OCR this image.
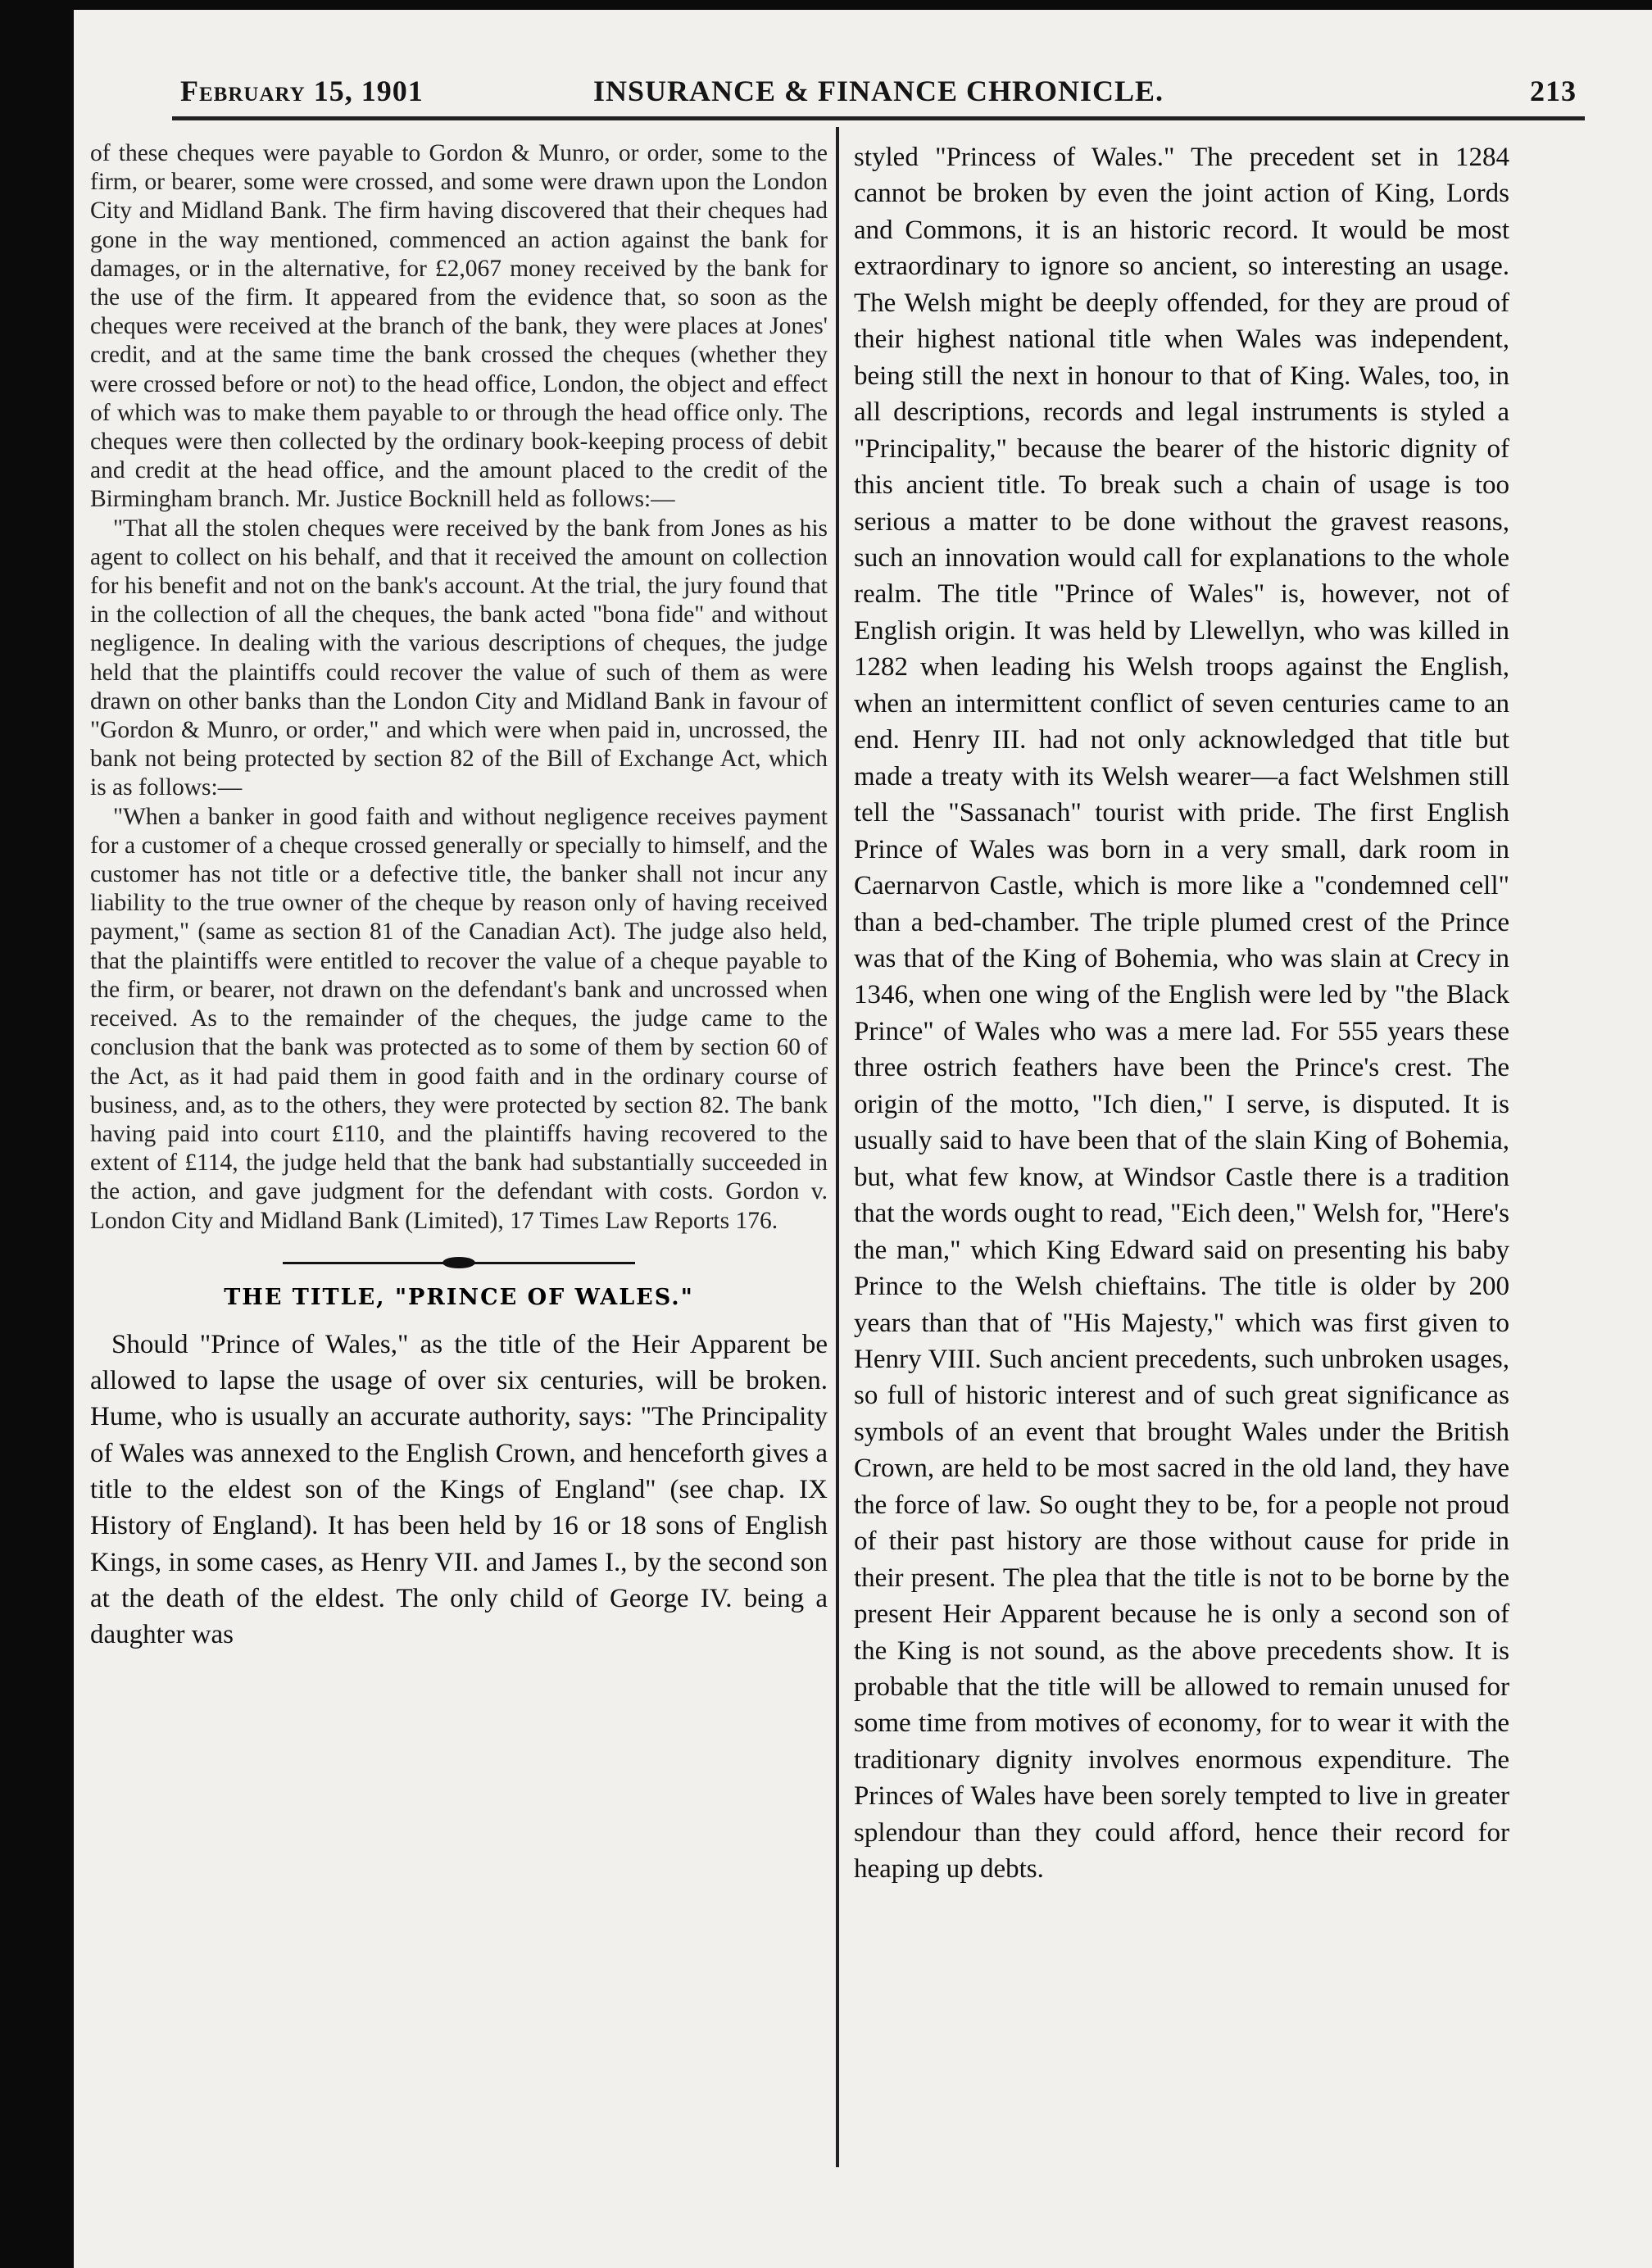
February 15, 1901	INSURANCE & FINANCE CHRONICLE.	213

of these cheques were payable to Gordon & Munro, or order, some to the firm, or bearer, some were crossed, and some were drawn upon the London City and Midland Bank. The firm having discovered that their cheques had gone in the way mentioned, commenced an action against the bank for damages, or in the alternative, for £2,067 money received by the bank for the use of the firm. It appeared from the evidence that, so soon as the cheques were received at the branch of the bank, they were places at Jones' credit, and at the same time the bank crossed the cheques (whether they were crossed before or not) to the head office, London, the object and effect of which was to make them payable to or through the head office only. The cheques were then collected by the ordinary book-keeping process of debit and credit at the head office, and the amount placed to the credit of the Birmingham branch. Mr. Justice Bocknill held as follows:—

"That all the stolen cheques were received by the bank from Jones as his agent to collect on his behalf, and that it received the amount on collection for his benefit and not on the bank's account. At the trial, the jury found that in the collection of all the cheques, the bank acted "bona fide" and without negligence. In dealing with the various descriptions of cheques, the judge held that the plaintiffs could recover the value of such of them as were drawn on other banks than the London City and Midland Bank in favour of "Gordon & Munro, or order," and which were when paid in, uncrossed, the bank not being protected by section 82 of the Bill of Exchange Act, which is as follows:—

"When a banker in good faith and without negligence receives payment for a customer of a cheque crossed generally or specially to himself, and the customer has not title or a defective title, the banker shall not incur any liability to the true owner of the cheque by reason only of having received payment," (same as section 81 of the Canadian Act). The judge also held, that the plaintiffs were entitled to recover the value of a cheque payable to the firm, or bearer, not drawn on the defendant's bank and uncrossed when received. As to the remainder of the cheques, the judge came to the conclusion that the bank was protected as to some of them by section 60 of the Act, as it had paid them in good faith and in the ordinary course of business, and, as to the others, they were protected by section 82. The bank having paid into court £110, and the plaintiffs having recovered to the extent of £114, the judge held that the bank had substantially succeeded in the action, and gave judgment for the defendant with costs. Gordon v. London City and Midland Bank (Limited), 17 Times Law Reports 176.

THE TITLE, "PRINCE OF WALES."

Should "Prince of Wales," as the title of the Heir Apparent be allowed to lapse the usage of over six centuries, will be broken. Hume, who is usually an accurate authority, says: "The Principality of Wales was annexed to the English Crown, and henceforth gives a title to the eldest son of the Kings of England" (see chap. IX History of England). It has been held by 16 or 18 sons of English Kings, in some cases, as Henry VII. and James I., by the second son at the death of the eldest. The only child of George IV. being a daughter was

styled "Princess of Wales." The precedent set in 1284 cannot be broken by even the joint action of King, Lords and Commons, it is an historic record. It would be most extraordinary to ignore so ancient, so interesting an usage. The Welsh might be deeply offended, for they are proud of their highest national title when Wales was independent, being still the next in honour to that of King. Wales, too, in all descriptions, records and legal instruments is styled a "Principality," because the bearer of the historic dignity of this ancient title. To break such a chain of usage is too serious a matter to be done without the gravest reasons, such an innovation would call for explanations to the whole realm. The title "Prince of Wales" is, however, not of English origin. It was held by Llewellyn, who was killed in 1282 when leading his Welsh troops against the English, when an intermittent conflict of seven centuries came to an end. Henry III. had not only acknowledged that title but made a treaty with its Welsh wearer—a fact Welshmen still tell the "Sassanach" tourist with pride. The first English Prince of Wales was born in a very small, dark room in Caernarvon Castle, which is more like a "condemned cell" than a bed-chamber. The triple plumed crest of the Prince was that of the King of Bohemia, who was slain at Crecy in 1346, when one wing of the English were led by "the Black Prince" of Wales who was a mere lad. For 555 years these three ostrich feathers have been the Prince's crest. The origin of the motto, "Ich dien," I serve, is disputed. It is usually said to have been that of the slain King of Bohemia, but, what few know, at Windsor Castle there is a tradition that the words ought to read, "Eich deen," Welsh for, "Here's the man," which King Edward said on presenting his baby Prince to the Welsh chieftains. The title is older by 200 years than that of "His Majesty," which was first given to Henry VIII. Such ancient precedents, such unbroken usages, so full of historic interest and of such great significance as symbols of an event that brought Wales under the British Crown, are held to be most sacred in the old land, they have the force of law. So ought they to be, for a people not proud of their past history are those without cause for pride in their present. The plea that the title is not to be borne by the present Heir Apparent because he is only a second son of the King is not sound, as the above precedents show. It is probable that the title will be allowed to remain unused for some time from motives of economy, for to wear it with the traditionary dignity involves enormous expenditure. The Princes of Wales have been sorely tempted to live in greater splendour than they could afford, hence their record for heaping up debts.
